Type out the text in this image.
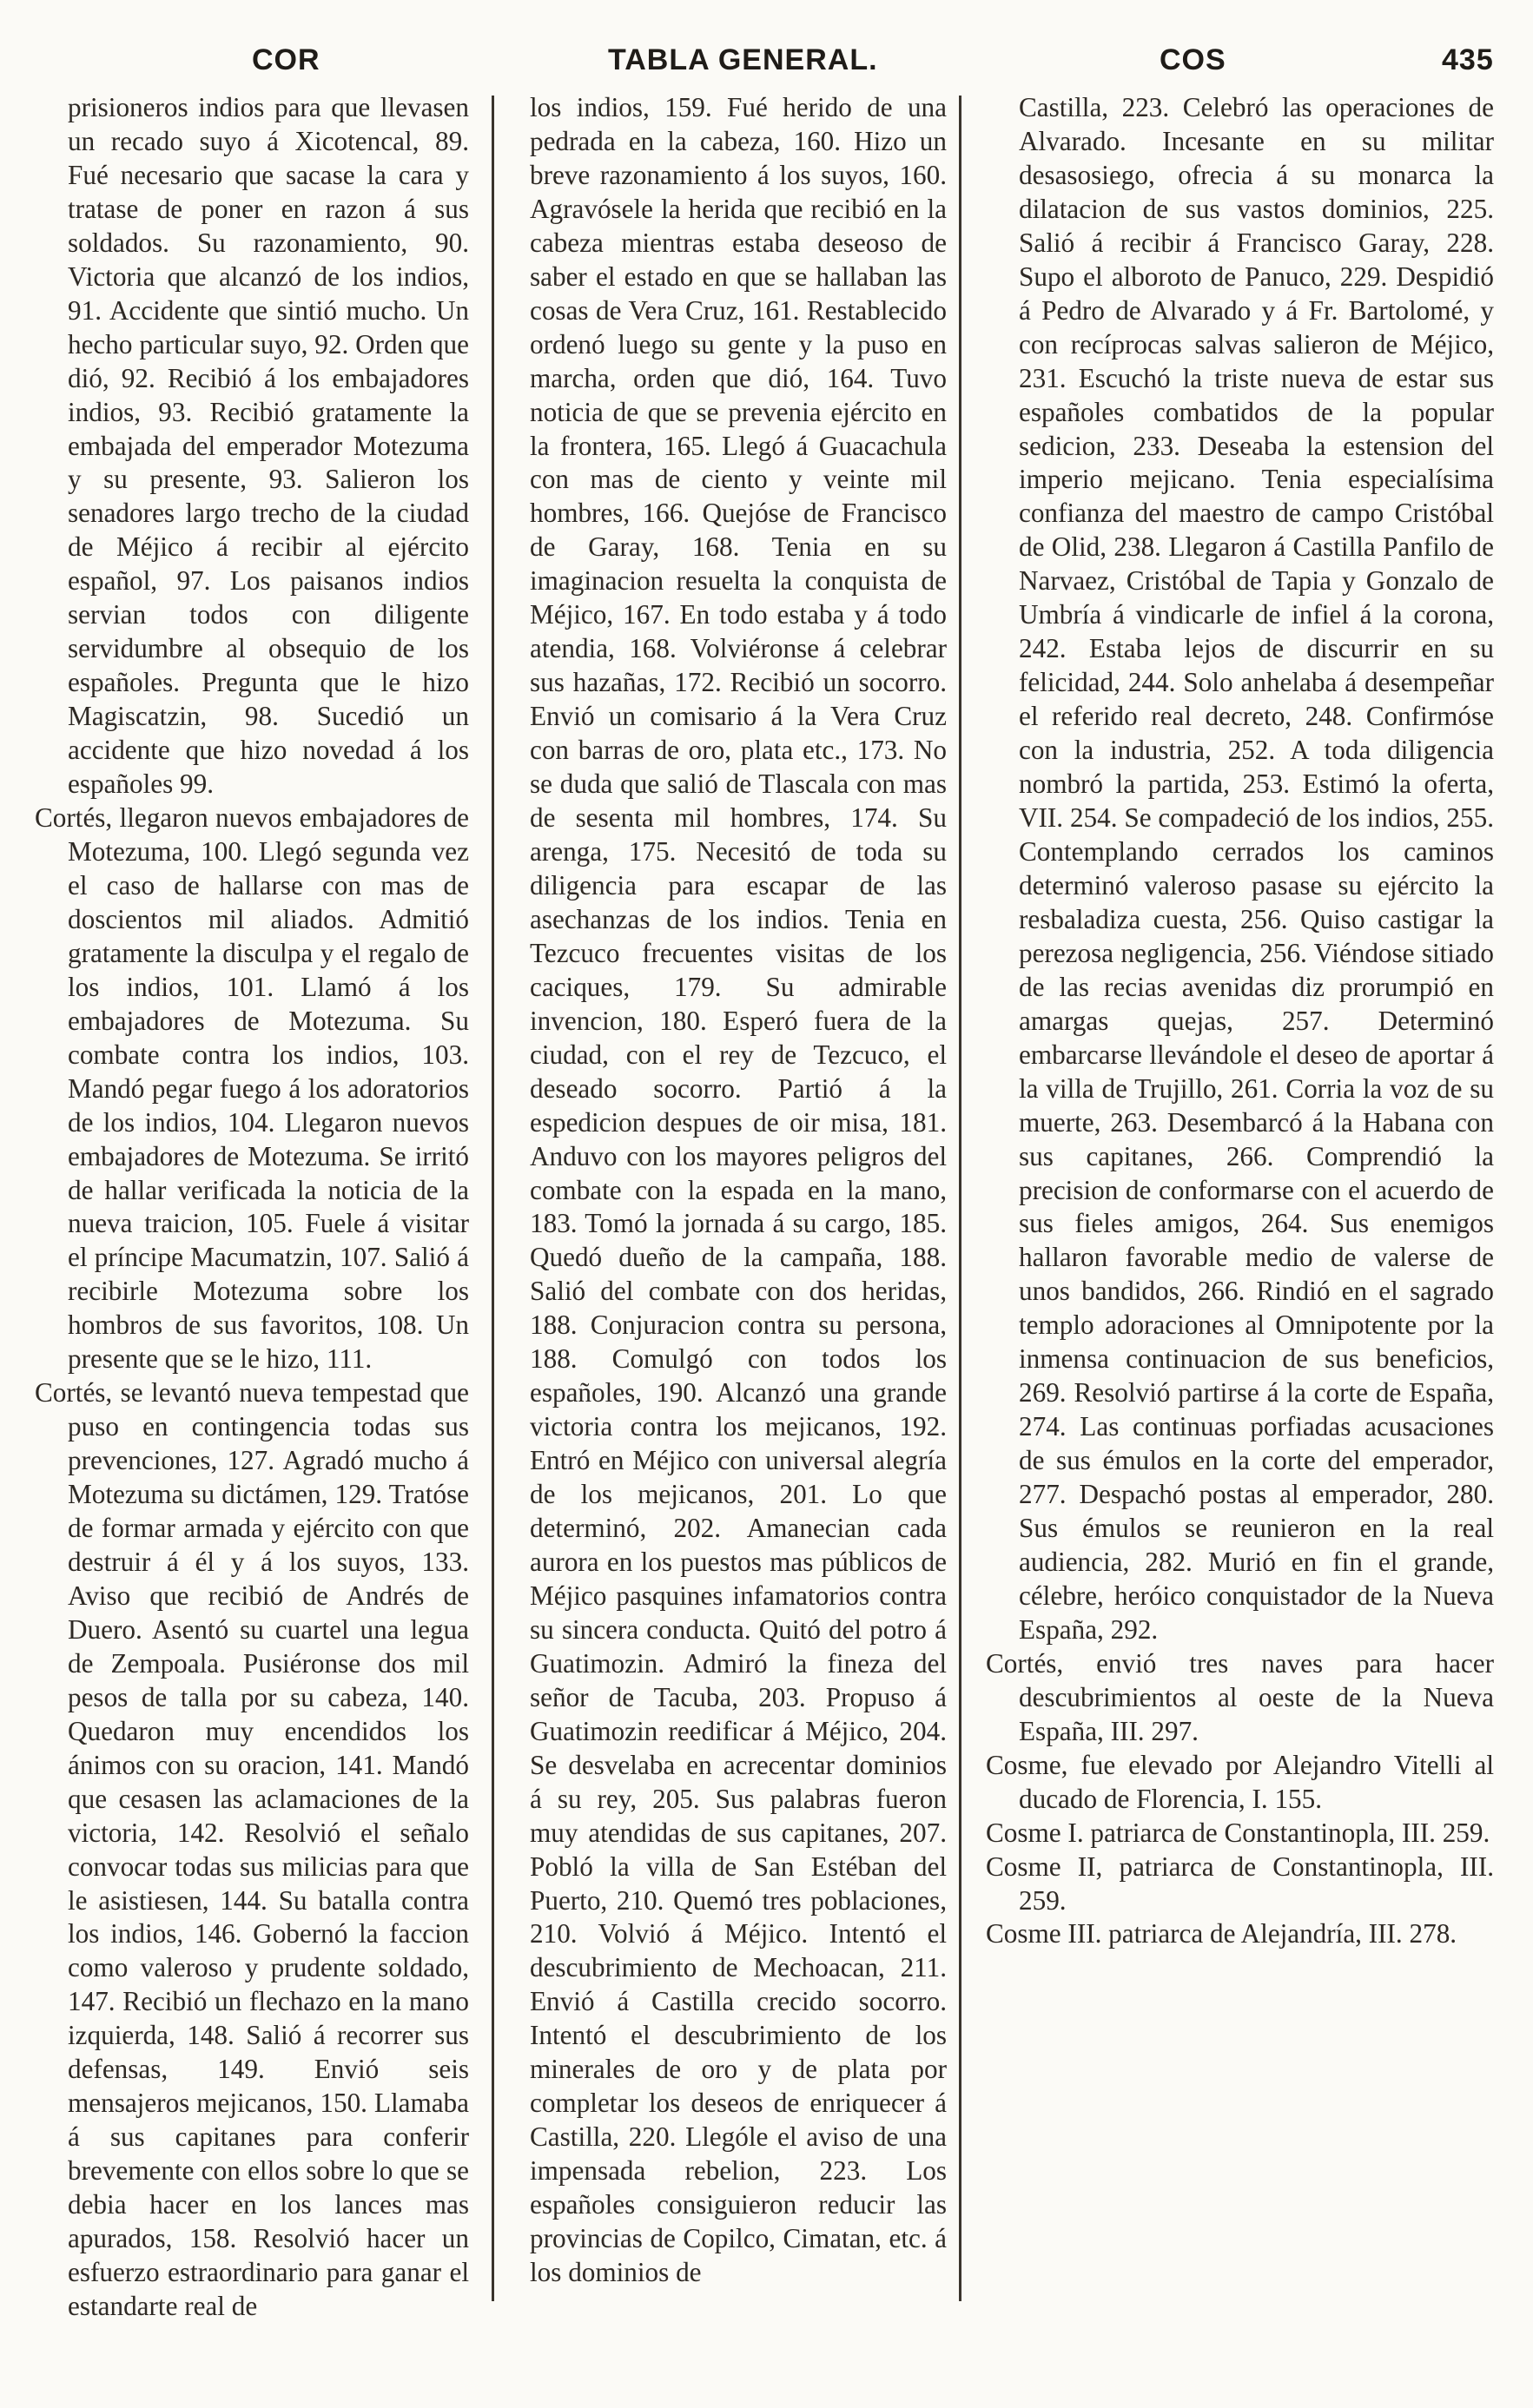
COR	TABLA GENERAL.	COS	435

prisioneros indios para que llevasen un recado suyo á Xicotencal, 89. Fué necesario que sacase la cara y tratase de poner en razon á sus soldados. Su razonamiento, 90. Victoria que alcanzó de los indios, 91. Accidente que sintió mucho. Un hecho particular suyo, 92. Orden que dió, 92. Recibió á los embajadores indios, 93. Recibió gratamente la embajada del emperador Motezuma y su presente, 93. Salieron los senadores largo trecho de la ciudad de Méjico á recibir al ejército español, 97. Los paisanos indios servian todos con diligente servidumbre al obsequio de los españoles. Pregunta que le hizo Magiscatzin, 98. Sucedió un accidente que hizo novedad á los españoles 99.

Cortés, llegaron nuevos embajadores de Motezuma, 100. Llegó segunda vez el caso de hallarse con mas de doscientos mil aliados. Admitió gratamente la disculpa y el regalo de los indios, 101. Llamó á los embajadores de Motezuma. Su combate contra los indios, 103. Mandó pegar fuego á los adoratorios de los indios, 104. Llegaron nuevos embajadores de Motezuma. Se irritó de hallar verificada la noticia de la nueva traicion, 105. Fuele á visitar el príncipe Macumatzin, 107. Salió á recibirle Motezuma sobre los hombros de sus favoritos, 108. Un presente que se le hizo, 111.

Cortés, se levantó nueva tempestad que puso en contingencia todas sus prevenciones, 127. Agradó mucho á Motezuma su dictámen, 129. Tratóse de formar armada y ejército con que destruir á él y á los suyos, 133. Aviso que recibió de Andrés de Duero. Asentó su cuartel una legua de Zempoala. Pusiéronse dos mil pesos de talla por su cabeza, 140. Quedaron muy encendidos los ánimos con su oracion, 141. Mandó que cesasen las aclamaciones de la victoria, 142. Resolvió el señalo convocar todas sus milicias para que le asistiesen, 144. Su batalla contra los indios, 146. Gobernó la faccion como valeroso y prudente soldado, 147. Recibió un flechazo en la mano izquierda, 148. Salió á recorrer sus defensas, 149. Envió seis mensajeros mejicanos, 150. Llamaba á sus capitanes para conferir brevemente con ellos sobre lo que se debia hacer en los lances mas apurados, 158. Resolvió hacer un esfuerzo estraordinario para ganar el estandarte real de

los indios, 159. Fué herido de una pedrada en la cabeza, 160. Hizo un breve razonamiento á los suyos, 160. Agravósele la herida que recibió en la cabeza mientras estaba deseoso de saber el estado en que se hallaban las cosas de Vera Cruz, 161. Restablecido ordenó luego su gente y la puso en marcha, orden que dió, 164. Tuvo noticia de que se prevenia ejército en la frontera, 165. Llegó á Guacachula con mas de ciento y veinte mil hombres, 166. Quejóse de Francisco de Garay, 168. Tenia en su imaginacion resuelta la conquista de Méjico, 167. En todo estaba y á todo atendia, 168. Volviéronse á celebrar sus hazañas, 172. Recibió un socorro. Envió un comisario á la Vera Cruz con barras de oro, plata etc., 173. No se duda que salió de Tlascala con mas de sesenta mil hombres, 174. Su arenga, 175. Necesitó de toda su diligencia para escapar de las asechanzas de los indios. Tenia en Tezcuco frecuentes visitas de los caciques, 179. Su admirable invencion, 180. Esperó fuera de la ciudad, con el rey de Tezcuco, el deseado socorro. Partió á la espedicion despues de oir misa, 181. Anduvo con los mayores peligros del combate con la espada en la mano, 183. Tomó la jornada á su cargo, 185. Quedó dueño de la campaña, 188. Salió del combate con dos heridas, 188. Conjuracion contra su persona, 188. Comulgó con todos los españoles, 190. Alcanzó una grande victoria contra los mejicanos, 192. Entró en Méjico con universal alegría de los mejicanos, 201. Lo que determinó, 202. Amanecian cada aurora en los puestos mas públicos de Méjico pasquines infamatorios contra su sincera conducta. Quitó del potro á Guatimozin. Admiró la fineza del señor de Tacuba, 203. Propuso á Guatimozin reedificar á Méjico, 204. Se desvelaba en acrecentar dominios á su rey, 205. Sus palabras fueron muy atendidas de sus capitanes, 207. Pobló la villa de San Estéban del Puerto, 210. Quemó tres poblaciones, 210. Volvió á Méjico. Intentó el descubrimiento de Mechoacan, 211. Envió á Castilla crecido socorro. Intentó el descubrimiento de los minerales de oro y de plata por completar los deseos de enriquecer á Castilla, 220. Llególe el aviso de una impensada rebelion, 223. Los españoles consiguieron reducir las provincias de Copilco, Cimatan, etc. á los dominios de

Castilla, 223. Celebró las operaciones de Alvarado. Incesante en su militar desasosiego, ofrecia á su monarca la dilatacion de sus vastos dominios, 225. Salió á recibir á Francisco Garay, 228. Supo el alboroto de Panuco, 229. Despidió á Pedro de Alvarado y á Fr. Bartolomé, y con recíprocas salvas salieron de Méjico, 231. Escuchó la triste nueva de estar sus españoles combatidos de la popular sedicion, 233. Deseaba la estension del imperio mejicano. Tenia especialísima confianza del maestro de campo Cristóbal de Olid, 238. Llegaron á Castilla Panfilo de Narvaez, Cristóbal de Tapia y Gonzalo de Umbría á vindicarle de infiel á la corona, 242. Estaba lejos de discurrir en su felicidad, 244. Solo anhelaba á desempeñar el referido real decreto, 248. Confirmóse con la industria, 252. A toda diligencia nombró la partida, 253. Estimó la oferta, VII. 254. Se compadeció de los indios, 255. Contemplando cerrados los caminos determinó valeroso pasase su ejército la resbaladiza cuesta, 256. Quiso castigar la perezosa negligencia, 256. Viéndose sitiado de las recias avenidas diz prorumpió en amargas quejas, 257. Determinó embarcarse llevándole el deseo de aportar á la villa de Trujillo, 261. Corria la voz de su muerte, 263. Desembarcó á la Habana con sus capitanes, 266. Comprendió la precision de conformarse con el acuerdo de sus fieles amigos, 264. Sus enemigos hallaron favorable medio de valerse de unos bandidos, 266. Rindió en el sagrado templo adoraciones al Omnipotente por la inmensa continuacion de sus beneficios, 269. Resolvió partirse á la corte de España, 274. Las continuas porfiadas acusaciones de sus émulos en la corte del emperador, 277. Despachó postas al emperador, 280. Sus émulos se reunieron en la real audiencia, 282. Murió en fin el grande, célebre, heróico conquistador de la Nueva España, 292.

Cortés, envió tres naves para hacer descubrimientos al oeste de la Nueva España, III. 297.

Cosme, fue elevado por Alejandro Vitelli al ducado de Florencia, I. 155.

Cosme I. patriarca de Constantinopla, III. 259.

Cosme II, patriarca de Constantinopla, III. 259.

Cosme III. patriarca de Alejandría, III. 278.
